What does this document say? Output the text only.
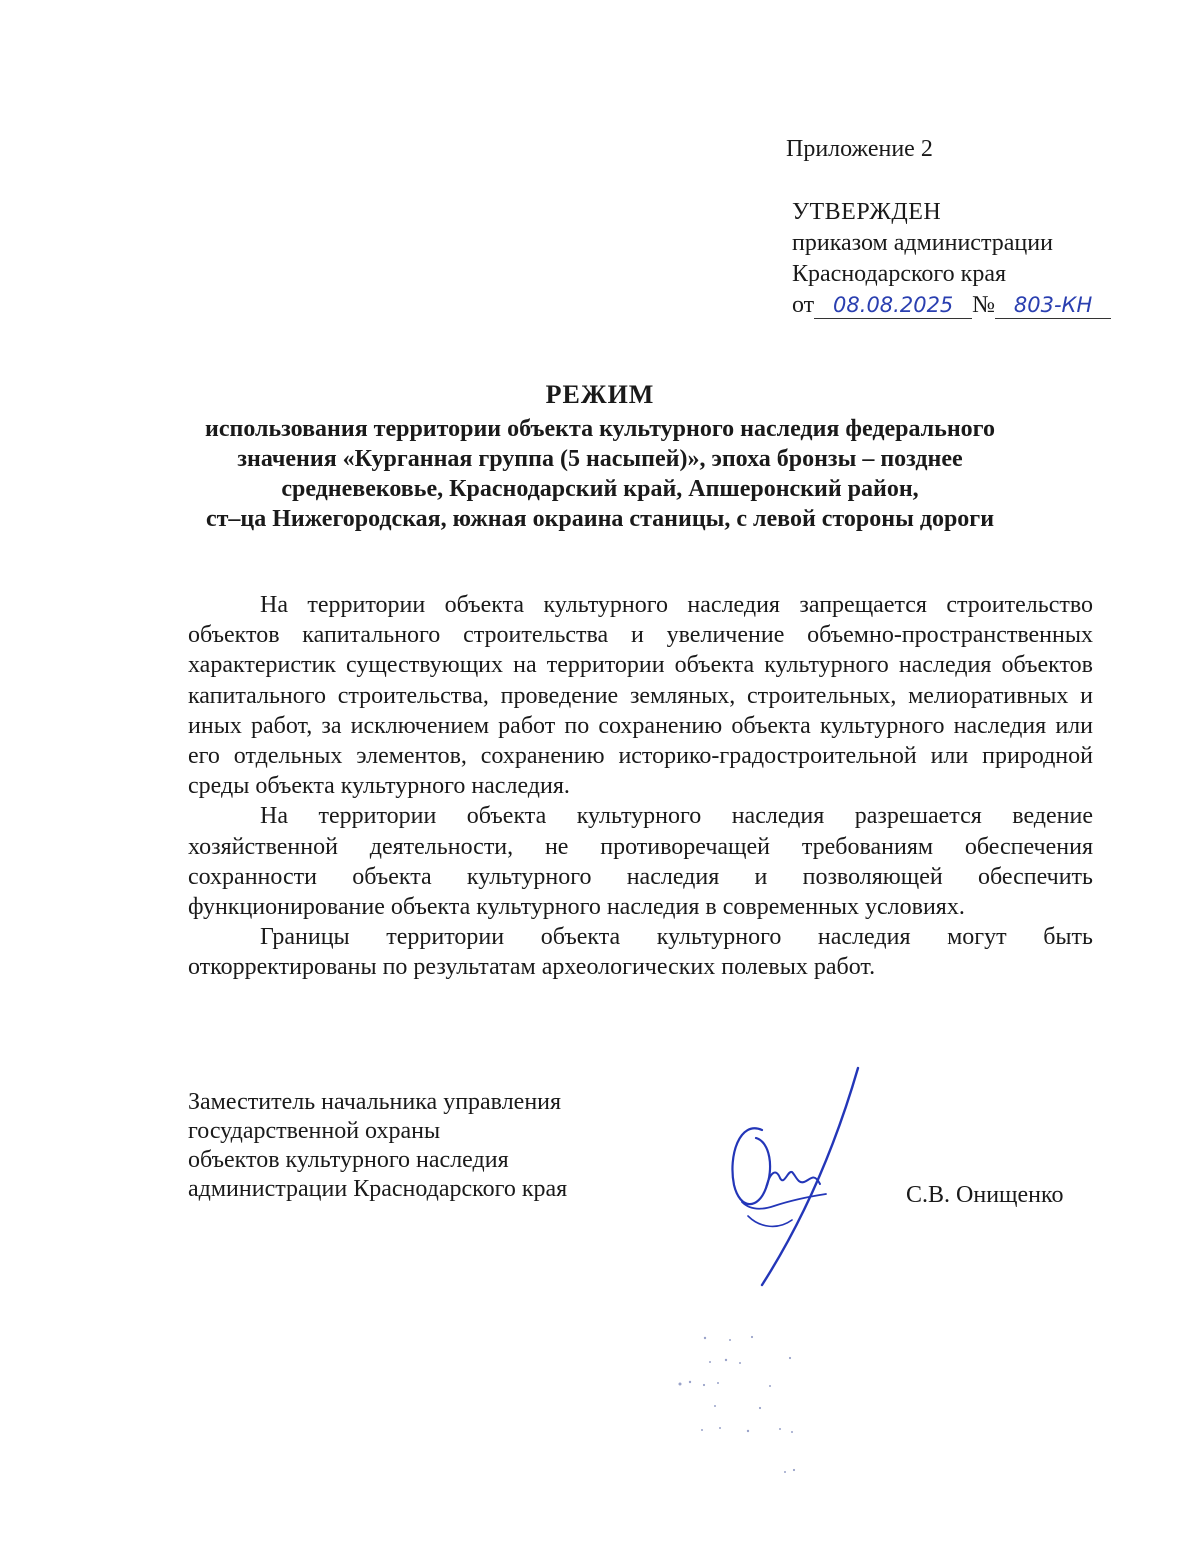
Приложение 2
УТВЕРЖДЕН
приказом администрации
Краснодарского края
от 08.08.2025 № 803-КН
РЕЖИМ
использования территории объекта культурного наследия федерального
значения «Курганная группа (5 насыпей)», эпоха бронзы – позднее
средневековье, Краснодарский край, Апшеронский район,
ст–ца Нижегородская, южная окраина станицы, с левой стороны дороги

На территории объекта культурного наследия запрещается строительство объектов капитального строительства и увеличение объемно-пространственных характеристик существующих на территории объекта культурного наследия объектов капитального строительства, проведение земляных, строительных, мелиоративных и иных работ, за исключением работ по сохранению объекта культурного наследия или его отдельных элементов, сохранению историко-градостроительной или природной среды объекта культурного наследия.

На территории объекта культурного наследия разрешается ведение хозяйственной деятельности, не противоречащей требованиям обеспечения сохранности объекта культурного наследия и позволяющей обеспечить функционирование объекта культурного наследия в современных условиях.

Границы территории объекта культурного наследия могут быть откорректированы по результатам археологических полевых работ.

Заместитель начальника управления
государственной охраны
объектов культурного наследия
администрации Краснодарского края	С.В. Онищенко
